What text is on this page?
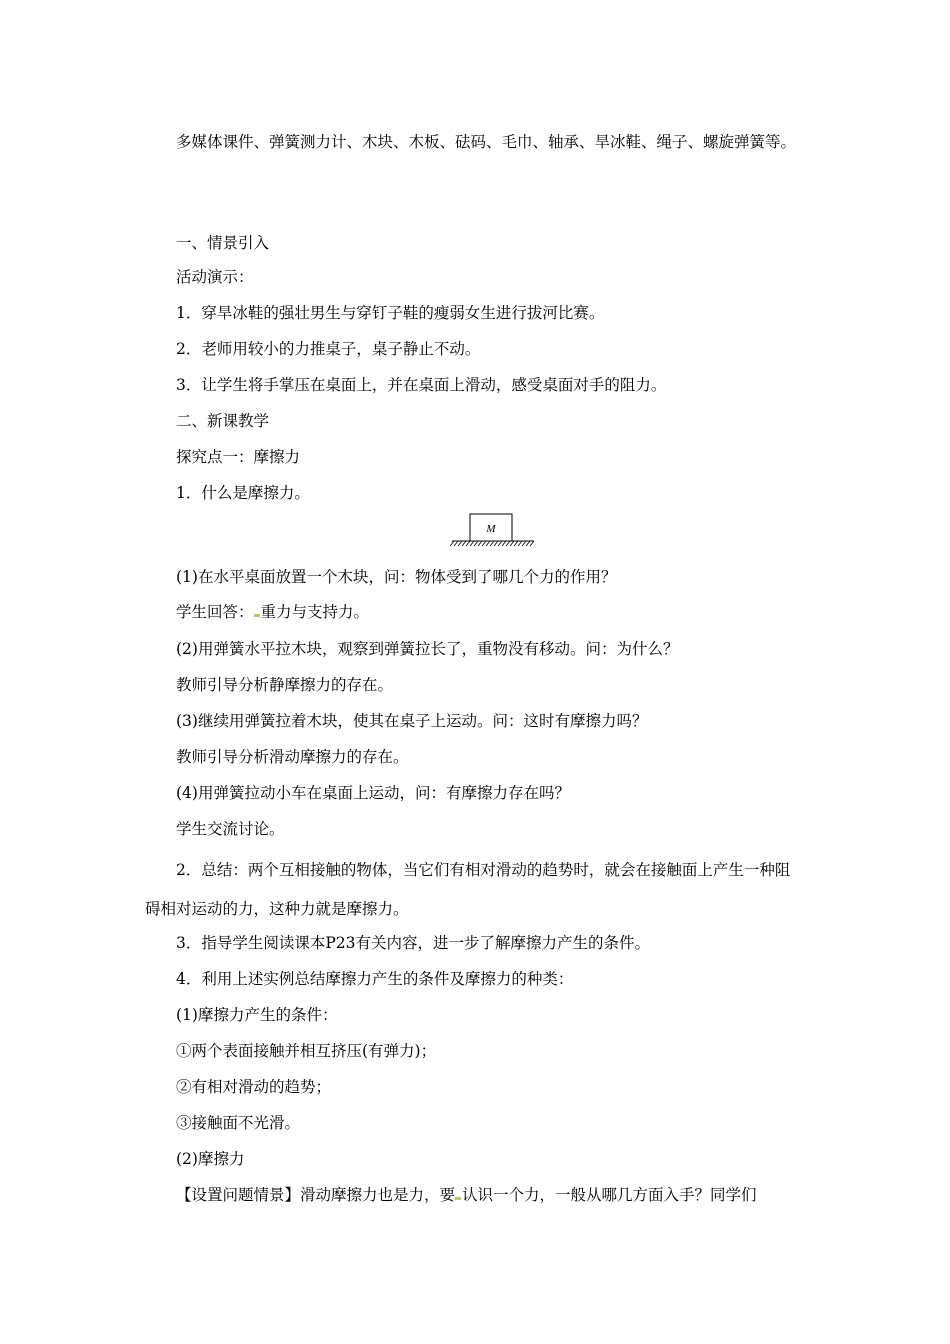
多媒体课件、弹簧测力计、木块、木板、砝码、毛巾、轴承、旱冰鞋、绳子、螺旋弹簧等。
一、情景引入
活动演示：
1．穿旱冰鞋的强壮男生与穿钉子鞋的瘦弱女生进行拔河比赛。
2．老师用较小的力推桌子，桌子静止不动。
3．让学生将手掌压在桌面上，并在桌面上滑动，感受桌面对手的阻力。
二、新课教学
探究点一：摩擦力
1．什么是摩擦力。
M
(1)在水平桌面放置一个木块，问：物体受到了哪几个力的作用？
学生回答： 重力与支持力。
(2)用弹簧水平拉木块，观察到弹簧拉长了，重物没有移动。问：为什么？
教师引导分析静摩擦力的存在。
(3)继续用弹簧拉着木块，使其在桌子上运动。问：这时有摩擦力吗？
教师引导分析滑动摩擦力的存在。
(4)用弹簧拉动小车在桌面上运动，问：有摩擦力存在吗？
学生交流讨论。
2．总结：两个互相接触的物体，当它们有相对滑动的趋势时，就会在接触面上产生一种阻碍相对运动的力，这种力就是摩擦力。
3．指导学生阅读课本P23有关内容，进一步了解摩擦力产生的条件。
4．利用上述实例总结摩擦力产生的条件及摩擦力的种类：
(1)摩擦力产生的条件：
①两个表面接触并相互挤压(有弹力)；
②有相对滑动的趋势；
③接触面不光滑。
(2)摩擦力
【设置问题情景】滑动摩擦力也是力，要 认识一个力，一般从哪几方面入手？同学们
